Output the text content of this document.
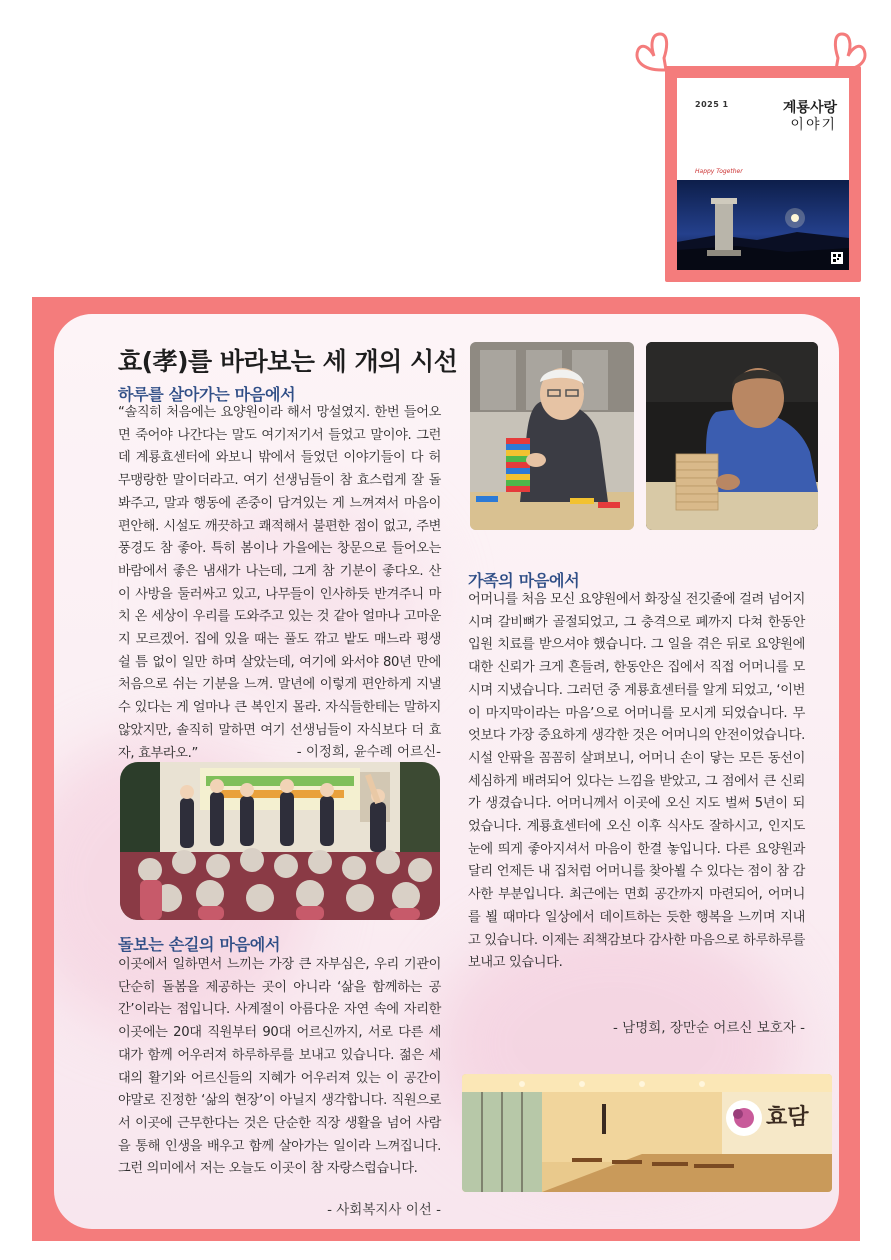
2025 1	계룡사랑
이야기
Happy Together
효(孝)를 바라보는 세 개의 시선
하루를 살아가는 마음에서

“솔직히 처음에는 요양원이라 해서 망설였지. 한번 들어오면 죽어야 나간다는 말도 여기저기서 들었고 말이야. 그런데 계룡효센터에 와보니 밖에서 들었던 이야기들이 다 허무맹랑한 말이더라고. 여기 선생님들이 참 효스럽게 잘 돌봐주고, 말과 행동에 존중이 담겨있는 게 느껴져서 마음이 편안해. 시설도 깨끗하고 쾌적해서 불편한 점이 없고, 주변 풍경도 참 좋아. 특히 봄이나 가을에는 창문으로 들어오는 바람에서 좋은 냄새가 나는데, 그게 참 기분이 좋다오. 산이 사방을 둘러싸고 있고, 나무들이 인사하듯 반겨주니 마치 온 세상이 우리를 도와주고 있는 것 같아 얼마나 고마운지 모르겠어. 집에 있을 때는 풀도 깎고 밭도 매느라 평생 쉴 틈 없이 일만 하며 살았는데, 여기에 와서야 80년 만에 처음으로 쉬는 기분을 느껴. 말년에 이렇게 편안하게 지낼 수 있다는 게 얼마나 큰 복인지 몰라. 자식들한테는 말하지 않았지만, 솔직히 말하면 여기 선생님들이 자식보다 더 효자, 효부라오.”	- 이정희, 윤수례 어르신-

돌보는 손길의 마음에서

이곳에서 일하면서 느끼는 가장 큰 자부심은, 우리 기관이 단순히 돌봄을 제공하는 곳이 아니라 ‘삶을 함께하는 공간’이라는 점입니다. 사계절이 아름다운 자연 속에 자리한 이곳에는 20대 직원부터 90대 어르신까지, 서로 다른 세대가 함께 어우러져 하루하루를 보내고 있습니다. 젊은 세대의 활기와 어르신들의 지혜가 어우러져 있는 이 공간이야말로 진정한 ‘삶의 현장’이 아닐지 생각합니다. 직원으로서 이곳에 근무한다는 것은 단순한 직장 생활을 넘어 사람을 통해 인생을 배우고 함께 살아가는 일이라 느껴집니다. 그런 의미에서 저는 오늘도 이곳이 참 자랑스럽습니다.

- 사회복지사 이선 -

가족의 마음에서

어머니를 처음 모신 요양원에서 화장실 전깃줄에 걸려 넘어지시며 갈비뼈가 골절되었고, 그 충격으로 폐까지 다쳐 한동안 입원 치료를 받으셔야 했습니다. 그 일을 겪은 뒤로 요양원에 대한 신뢰가 크게 흔들려, 한동안은 집에서 직접 어머니를 모시며 지냈습니다. 그러던 중 계룡효센터를 알게 되었고, ‘이번이 마지막이라는 마음’으로 어머니를 모시게 되었습니다. 무엇보다 가장 중요하게 생각한 것은 어머니의 안전이었습니다. 시설 안팎을 꼼꼼히 살펴보니, 어머니 손이 닿는 모든 동선이 세심하게 배려되어 있다는 느낌을 받았고, 그 점에서 큰 신뢰가 생겼습니다. 어머니께서 이곳에 오신 지도 벌써 5년이 되었습니다. 계룡효센터에 오신 이후 식사도 잘하시고, 인지도 눈에 띄게 좋아지셔서 마음이 한결 놓입니다. 다른 요양원과 달리 언제든 내 집처럼 어머니를 찾아뵐 수 있다는 점이 참 감사한 부분입니다. 최근에는 면회 공간까지 마련되어, 어머니를 뵐 때마다 일상에서 데이트하는 듯한 행복을 느끼며 지내고 있습니다. 이제는 죄책감보다 감사한 마음으로 하루하루를 보내고 있습니다.

- 남명희, 장만순 어르신 보호자 -

효담
